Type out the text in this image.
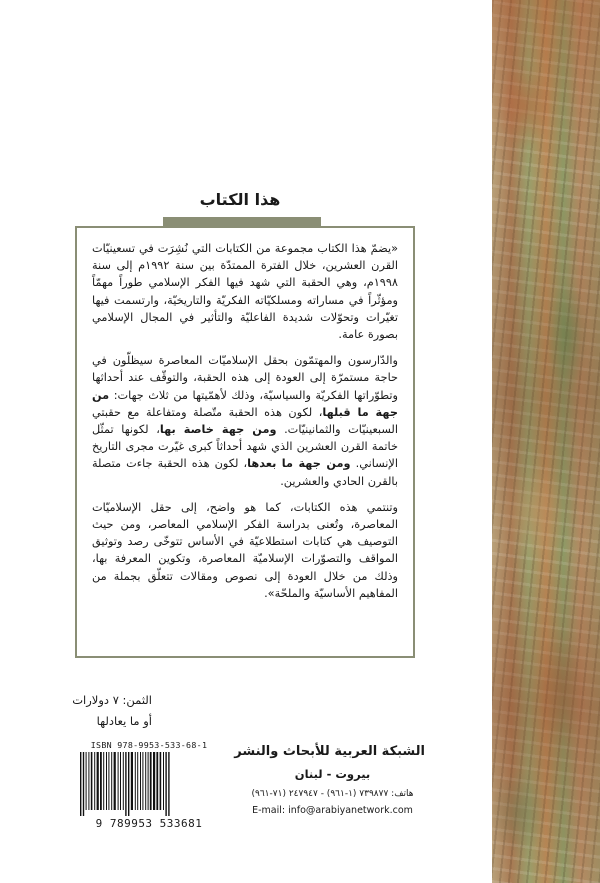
هذا الكتاب

«يضمّ هذا الكتاب مجموعة من الكتابات التي نُشِرَت في تسعينيّات القرن العشرين، خلال الفترة الممتدّة بين سنة ١٩٩٢م إلى سنة ١٩٩٨م، وهي الحقبة التي شهد فيها الفكر الإسلامي طوراً مهمّاً ومؤثّراً في مساراته ومسلكيّاته الفكريّة والتاريخيّة، وارتسمت فيها تغيّرات وتحوّلات شديدة الفاعليّة والتأثير في المجال الإسلامي بصورة عامة.

والدّارسون والمهتمّون بحقل الإسلاميّات المعاصرة سيظلّون في حاجة مستمرّة إلى العودة إلى هذه الحقبة، والتوقّف عند أحداثها وتطوّراتها الفكريّة والسياسيّة، وذلك لأهمّيتها من ثلاث جهات: من جهة ما قبلها، لكون هذه الحقبة متّصلة ومتفاعلة مع حقبتي السبعينيّات والثمانينيّات. ومن جهة خاصة بها، لكونها تمثّل خاتمة القرن العشرين الذي شهد أحداثاً كبرى غيّرت مجرى التاريخ الإنساني. ومن جهة ما بعدها، لكون هذه الحقبة جاءت متصلة بالقرن الحادي والعشرين.

وتنتمي هذه الكتابات، كما هو واضح، إلى حقل الإسلاميّات المعاصرة، وتُعنى بدراسة الفكر الإسلامي المعاصر، ومن حيث التوصيف هي كتابات استطلاعيّة في الأساس تتوخّى رصد وتوثيق المواقف والتصوّرات الإسلاميّة المعاصرة، وتكوين المعرفة بها، وذلك من خلال العودة إلى نصوص ومقالات تتعلّق بجملة من المفاهيم الأساسيّة والملحّة».

الثمن: ٧ دولارات
أو ما يعادلها
ISBN 978-9953-533-68-1
9 789953 533681
الشبكة العربية للأبحاث والنشر
بيروت - لبنان
هاتف: ٧٣٩٨٧٧ (١-٩٦١) - ٢٤٧٩٤٧ (٧١-٩٦١)
E-mail: info@arabiyanetwork.com
